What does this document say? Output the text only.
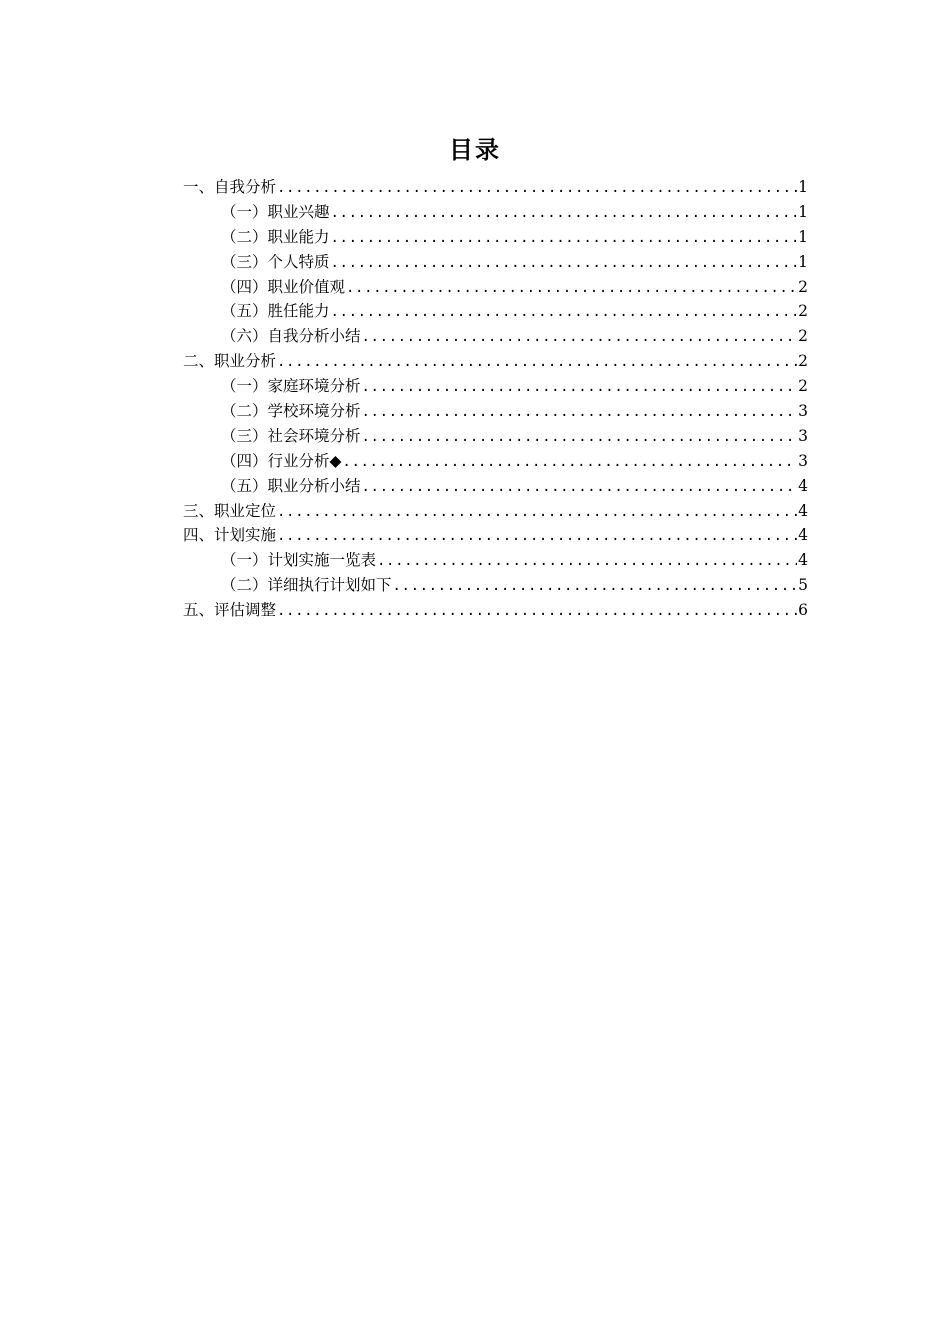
目录
一、自我分析 .....	1
（一）职业兴趣 .....	1
（二）职业能力 .....	1
（三）个人特质 .....	1
（四）职业价值观 .....	2
（五）胜任能力 .....	2
（六）自我分析小结 .....	2
二、职业分析 .....	2
（一）家庭环境分析 .....	2
（二）学校环境分析 .....	3
（三）社会环境分析 .....	3
（四）行业分析◆ .....	3
（五）职业分析小结 .....	4
三、职业定位 .....	4
四、计划实施 .....	4
（一）计划实施一览表 .....	4
（二）详细执行计划如下 .....	5
五、评估调整 .....	6
